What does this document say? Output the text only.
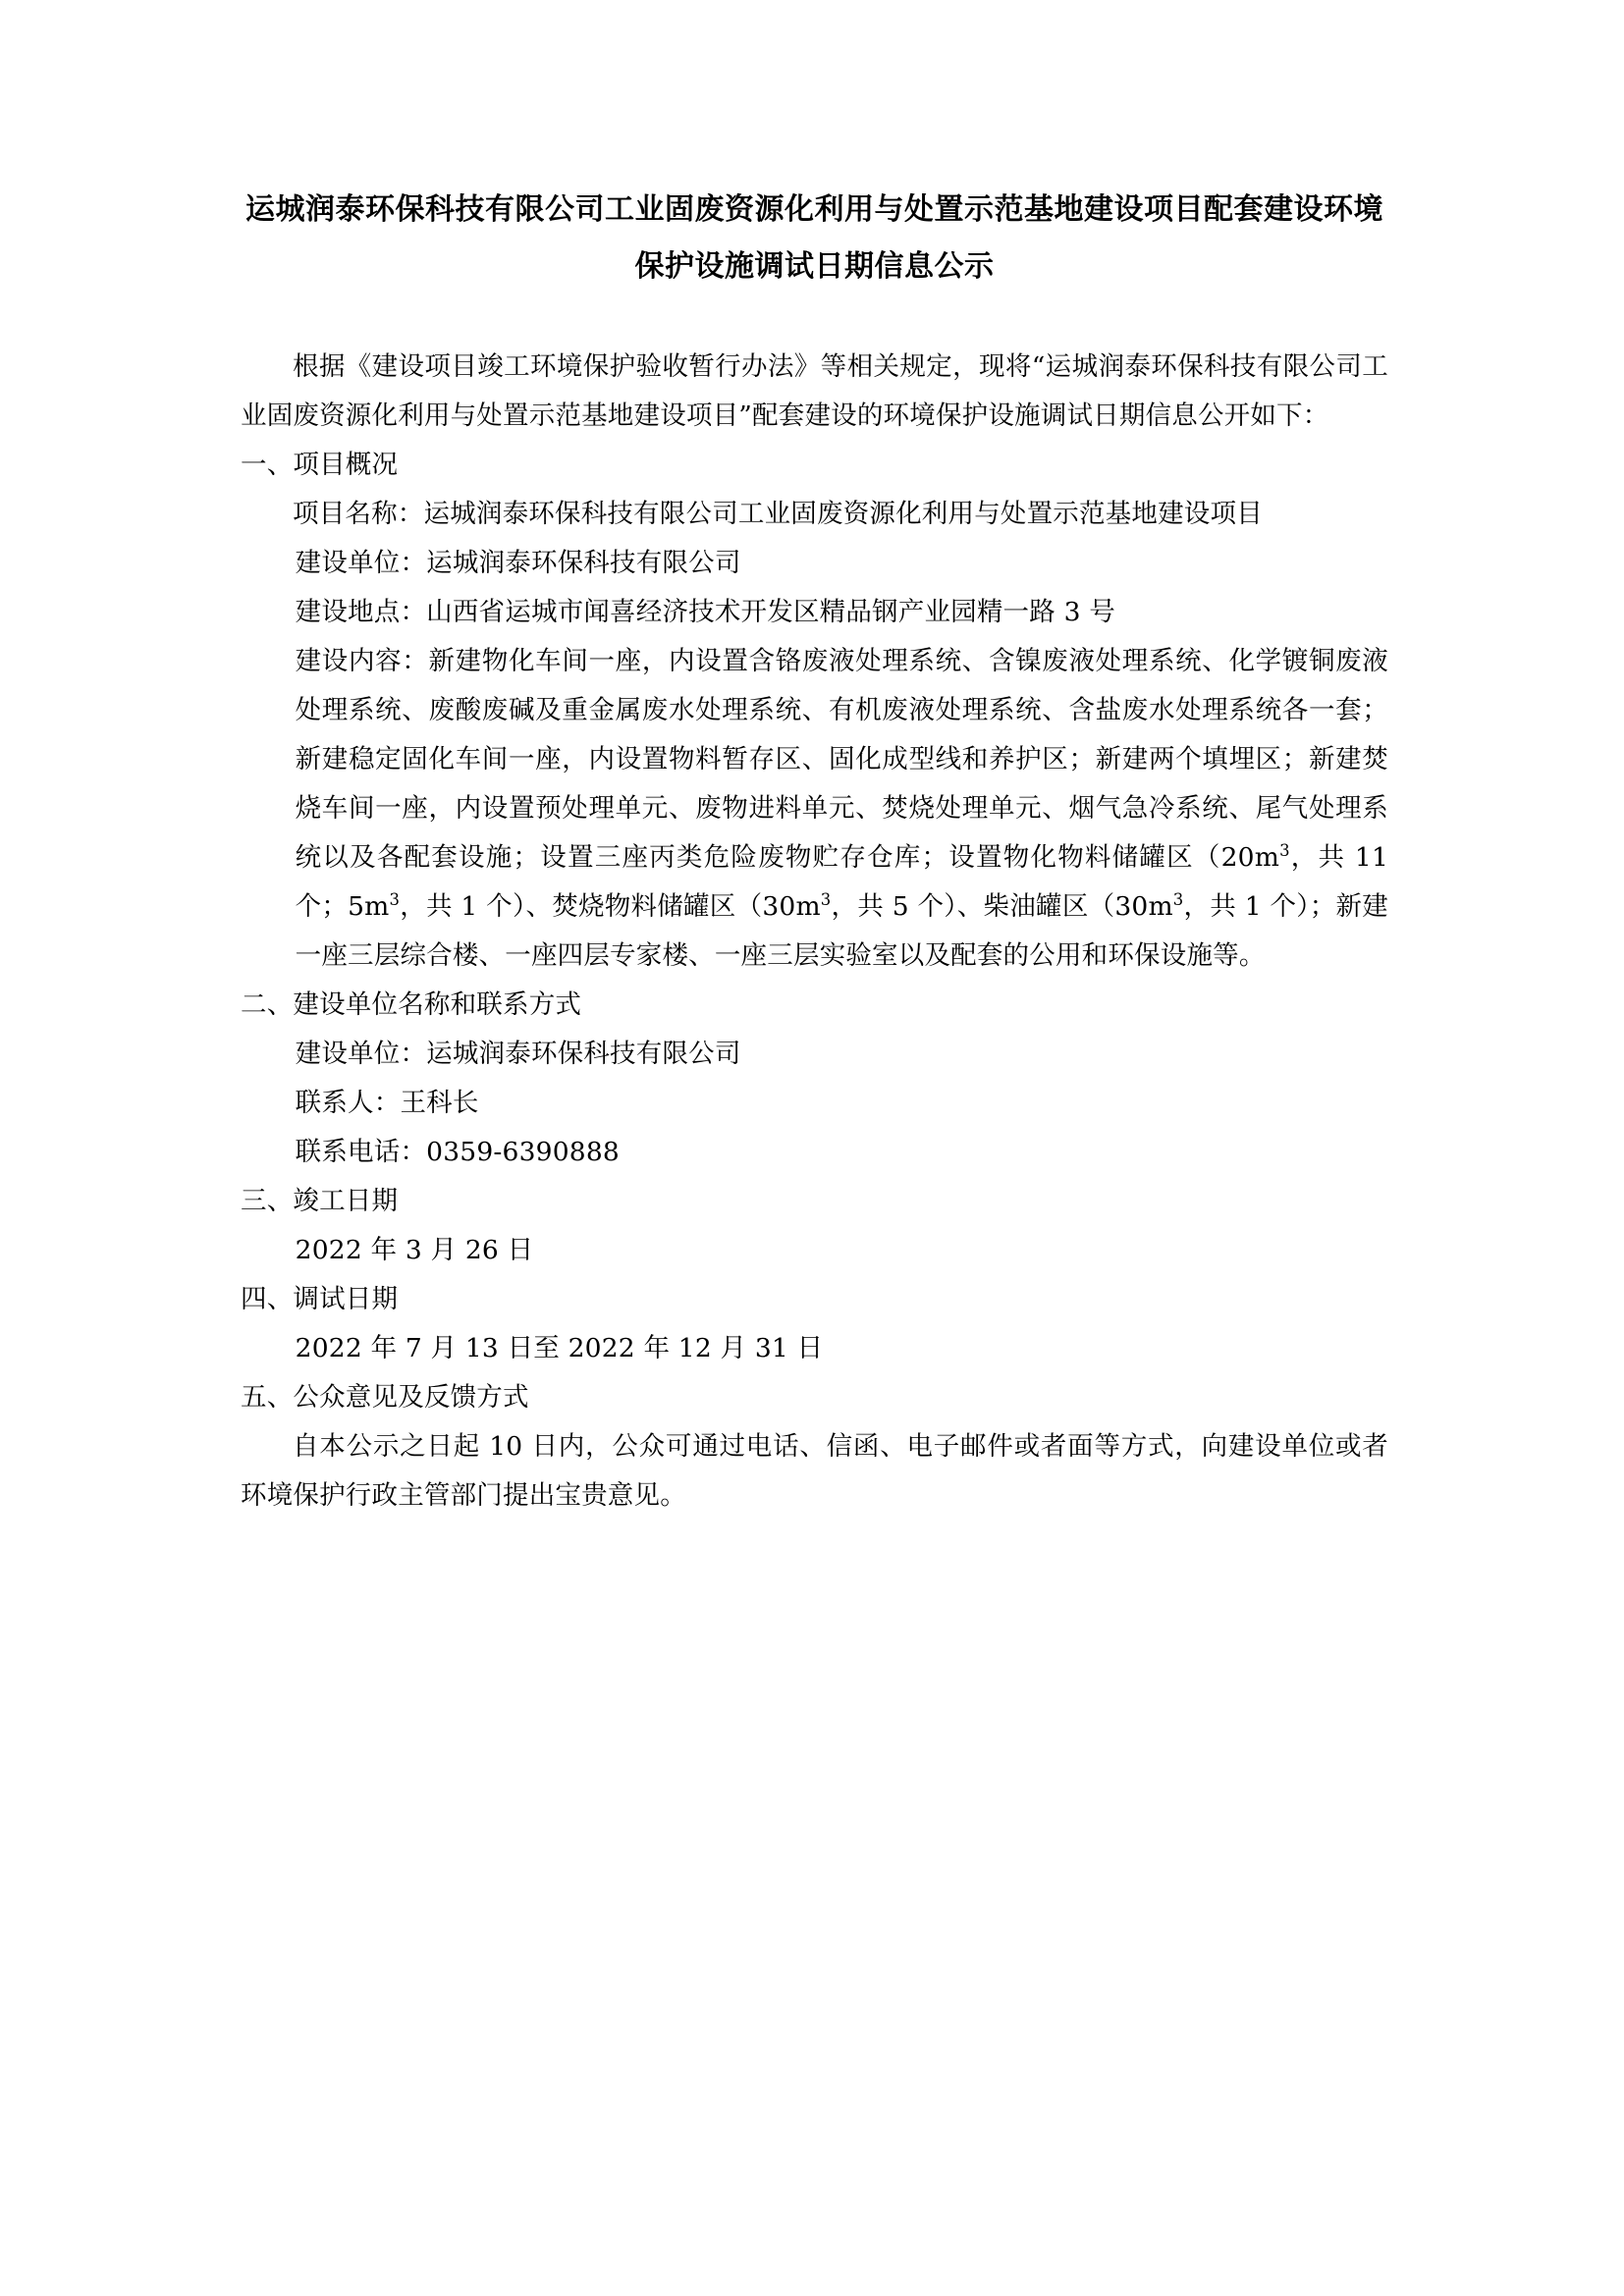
运城润泰环保科技有限公司工业固废资源化利用与处置示范基地建设项目配套建设环境保护设施调试日期信息公示

根据《建设项目竣工环境保护验收暂行办法》等相关规定，现将“运城润泰环保科技有限公司工业固废资源化利用与处置示范基地建设项目”配套建设的环境保护设施调试日期信息公开如下：

一、项目概况

项目名称：运城润泰环保科技有限公司工业固废资源化利用与处置示范基地建设项目

建设单位：运城润泰环保科技有限公司

建设地点：山西省运城市闻喜经济技术开发区精品钢产业园精一路 3 号

建设内容：新建物化车间一座，内设置含铬废液处理系统、含镍废液处理系统、化学镀铜废液处理系统、废酸废碱及重金属废水处理系统、有机废液处理系统、含盐废水处理系统各一套；新建稳定固化车间一座，内设置物料暂存区、固化成型线和养护区；新建两个填埋区；新建焚烧车间一座，内设置预处理单元、废物进料单元、焚烧处理单元、烟气急冷系统、尾气处理系统以及各配套设施；设置三座丙类危险废物贮存仓库；设置物化物料储罐区（$20m^3$，共 11 个；$5m^3$，共 1 个）、焚烧物料储罐区（$30m^3$，共 5 个）、柴油罐区（$30m^3$，共 1 个）；新建一座三层综合楼、一座四层专家楼、一座三层实验室以及配套的公用和环保设施等。

二、建设单位名称和联系方式

建设单位：运城润泰环保科技有限公司

联系人：王科长

联系电话：0359-6390888

三、竣工日期

2022 年 3 月 26 日

四、调试日期

2022 年 7 月 13 日至 2022 年 12 月 31 日

五、公众意见及反馈方式

自本公示之日起 10 日内，公众可通过电话、信函、电子邮件或者面等方式，向建设单位或者环境保护行政主管部门提出宝贵意见。
